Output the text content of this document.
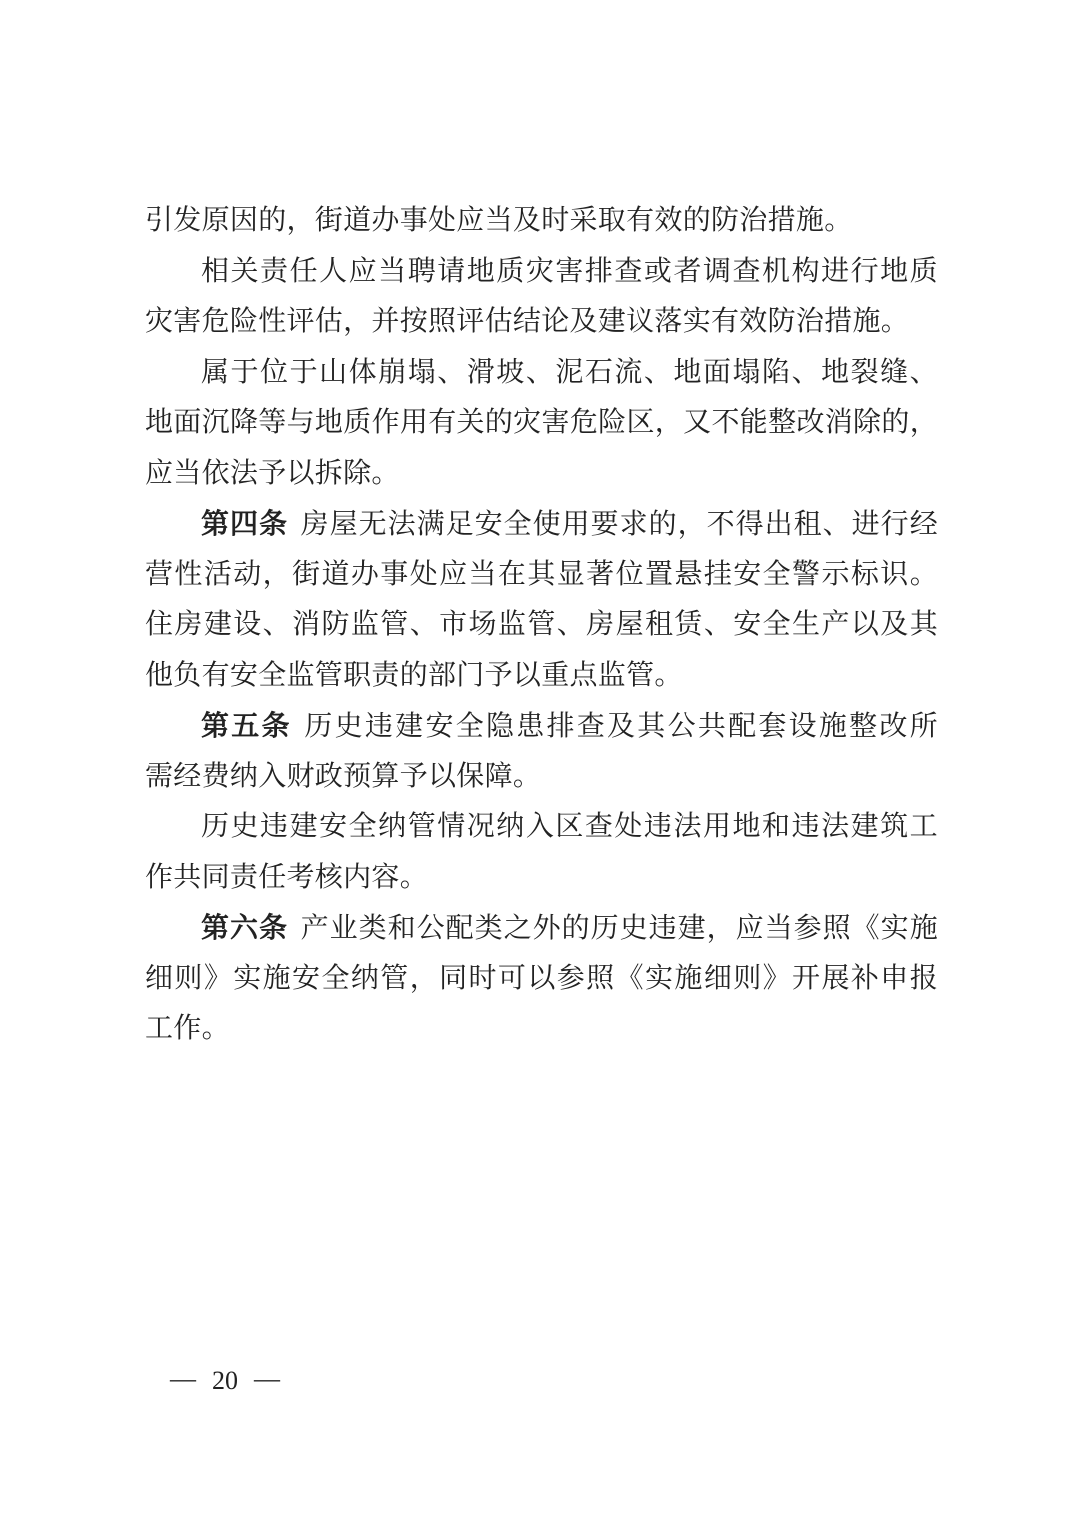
引发原因的，街道办事处应当及时采取有效的防治措施。
相关责任人应当聘请地质灾害排查或者调查机构进行地质
灾害危险性评估，并按照评估结论及建议落实有效防治措施。
属于位于山体崩塌、滑坡、泥石流、地面塌陷、地裂缝、
地面沉降等与地质作用有关的灾害危险区，又不能整改消除的，
应当依法予以拆除。
第四条 房屋无法满足安全使用要求的，不得出租、进行经
营性活动，街道办事处应当在其显著位置悬挂安全警示标识。
住房建设、消防监管、市场监管、房屋租赁、安全生产以及其
他负有安全监管职责的部门予以重点监管。
第五条 历史违建安全隐患排查及其公共配套设施整改所
需经费纳入财政预算予以保障。
历史违建安全纳管情况纳入区查处违法用地和违法建筑工
作共同责任考核内容。
第六条 产业类和公配类之外的历史违建，应当参照《实施
细则》实施安全纳管，同时可以参照《实施细则》开展补申报
工作。
— 20 —
